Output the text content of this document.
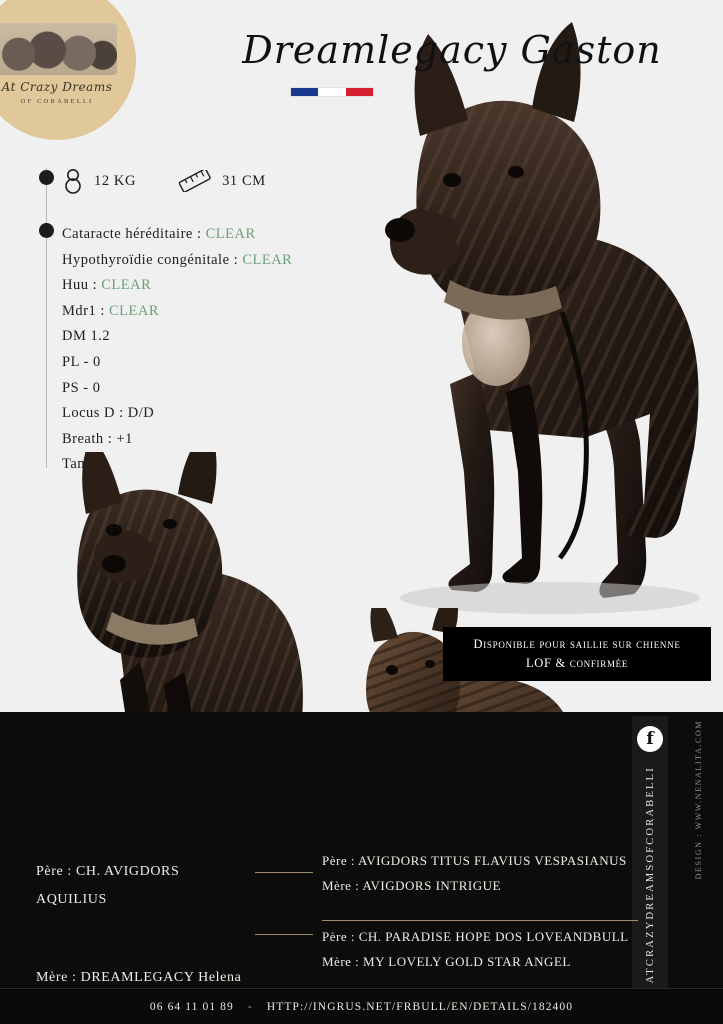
At Crazy Dreams
OF CORABELLI
Dreamlegacy Gaston
12 KG	31 CM
Cataracte héréditaire : CLEAR
Hypothyroïdie congénitale : CLEAR
Huu : CLEAR
Mdr1 : CLEAR
DM 1.2
PL - 0
PS - 0
Locus D : D/D
Breath : +1
Tan
Disponible pour saillie sur chienne
LOF & confirmée
f
ATCRAZYDREAMSOFCORABELLI	DESIGN : WWW.NENALITA.COM
Père : CH. AVIGDORS
AQUILIUS
Mère : DREAMLEGACY Helena
Père : AVIGDORS TITUS FLAVIUS VESPASIANUS
Mère : AVIGDORS INTRIGUE
Père : CH. PARADISE HOPE DOS LOVEANDBULL
Mère : MY LOVELY GOLD STAR ANGEL
06 64 11 01 89 - HTTP://INGRUS.NET/FRBULL/EN/DETAILS/182400
